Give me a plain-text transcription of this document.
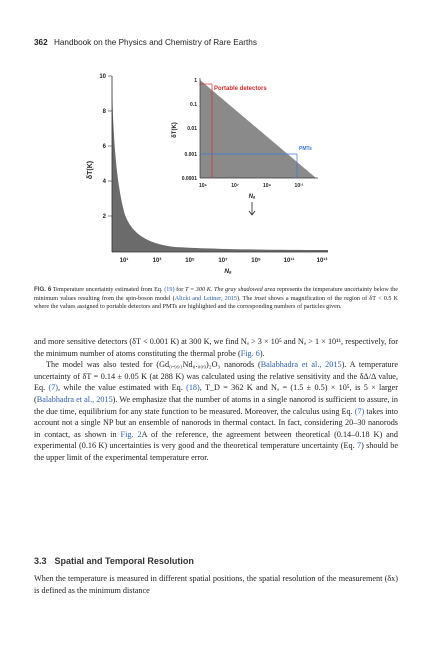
362 Handbook on the Physics and Chemistry of Rare Earths
10
8
6
4
2
δT(K)
10¹	10³	10⁵	10⁷	10⁹	10¹¹	10¹³
Nₐ
Portable detectors
PMTs
1
0.1
0.01
0.001
0.0001
δT(K)
10⁵	10⁷	10⁹	10¹¹
Nₐ
FIG. 6 Temperature uncertainty estimated from Eq. (19) for T = 300 K. The gray shadowed area represents the temperature uncertainty below the minimum values resulting from the spin-boson model (Alicki and Leitner, 2015). The inset shows a magnification of the region of δT < 0.5 K where the values assigned to portable detectors and PMTs are highlighted and the corresponding numbers of particles given.

and more sensitive detectors (δT < 0.001 K) at 300 K, we find Nₐ > 3 × 10⁵ and Nₐ > 1 × 10¹¹, respectively, for the minimum number of atoms constituting the thermal probe (Fig. 6).

The model was also tested for (Gd₀.₉₉₁Nd₀.₀₀₉)₂O₃ nanorods (Balabhadra et al., 2015). A temperature uncertainty of δT = 0.14 ± 0.05 K (at 288 K) was calculated using the relative sensitivity and the δΔ/Δ value, Eq. (7), while the value estimated with Eq. (18), T_D = 362 K and Nₐ = (1.5 ± 0.5) × 10⁵, is 5 × larger (Balabhadra et al., 2015). We emphasize that the number of atoms in a single nanorod is sufficient to assure, in the due time, equilibrium for any state function to be measured. Moreover, the calculus using Eq. (7) takes into account not a single NP but an ensemble of nanorods in thermal contact. In fact, considering 20–30 nanorods in contact, as shown in Fig. 2A of the reference, the agreement between theoretical (0.14–0.18 K) and experimental (0.16 K) uncertainties is very good and the theoretical temperature uncertainty (Eq. 7) should be the upper limit of the experimental temperature error.

3.3 Spatial and Temporal Resolution
When the temperature is measured in different spatial positions, the spatial resolution of the measurement (δx) is defined as the minimum distance
